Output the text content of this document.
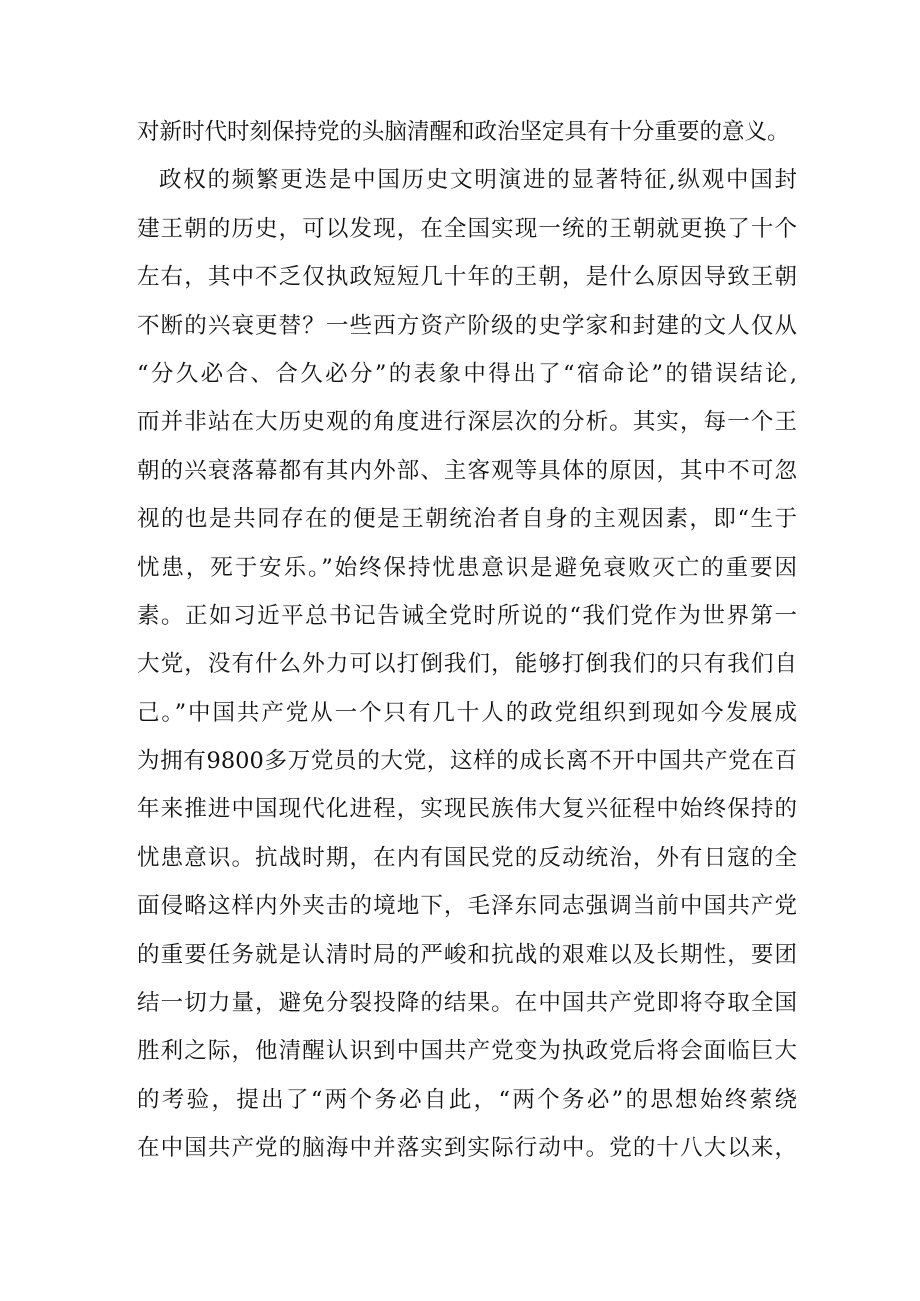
对新时代时刻保持党的头脑清醒和政治坚定具有十分重要的意义。
政权的频繁更迭是中国历史文明演进的显著特征,纵观中国封
建王朝的历史，可以发现，在全国实现一统的王朝就更换了十个
左右，其中不乏仅执政短短几十年的王朝，是什么原因导致王朝
不断的兴衰更替？一些西方资产阶级的史学家和封建的文人仅从
“分久必合、合久必分”的表象中得出了“宿命论”的错误结论,
而并非站在大历史观的角度进行深层次的分析。其实，每一个王
朝的兴衰落幕都有其内外部、主客观等具体的原因，其中不可忽
视的也是共同存在的便是王朝统治者自身的主观因素，即“生于
忧患，死于安乐。”始终保持忧患意识是避免衰败灭亡的重要因
素。正如习近平总书记告诫全党时所说的“我们党作为世界第一
大党，没有什么外力可以打倒我们，能够打倒我们的只有我们自
己。”中国共产党从一个只有几十人的政党组织到现如今发展成
为拥有9800多万党员的大党，这样的成长离不开中国共产党在百
年来推进中国现代化进程，实现民族伟大复兴征程中始终保持的
忧患意识。抗战时期，在内有国民党的反动统治，外有日寇的全
面侵略这样内外夹击的境地下，毛泽东同志强调当前中国共产党
的重要任务就是认清时局的严峻和抗战的艰难以及长期性，要团
结一切力量，避免分裂投降的结果。在中国共产党即将夺取全国
胜利之际，他清醒认识到中国共产党变为执政党后将会面临巨大
的考验，提出了“两个务必自此，“两个务必”的思想始终萦绕
在中国共产党的脑海中并落实到实际行动中。党的十八大以来，
